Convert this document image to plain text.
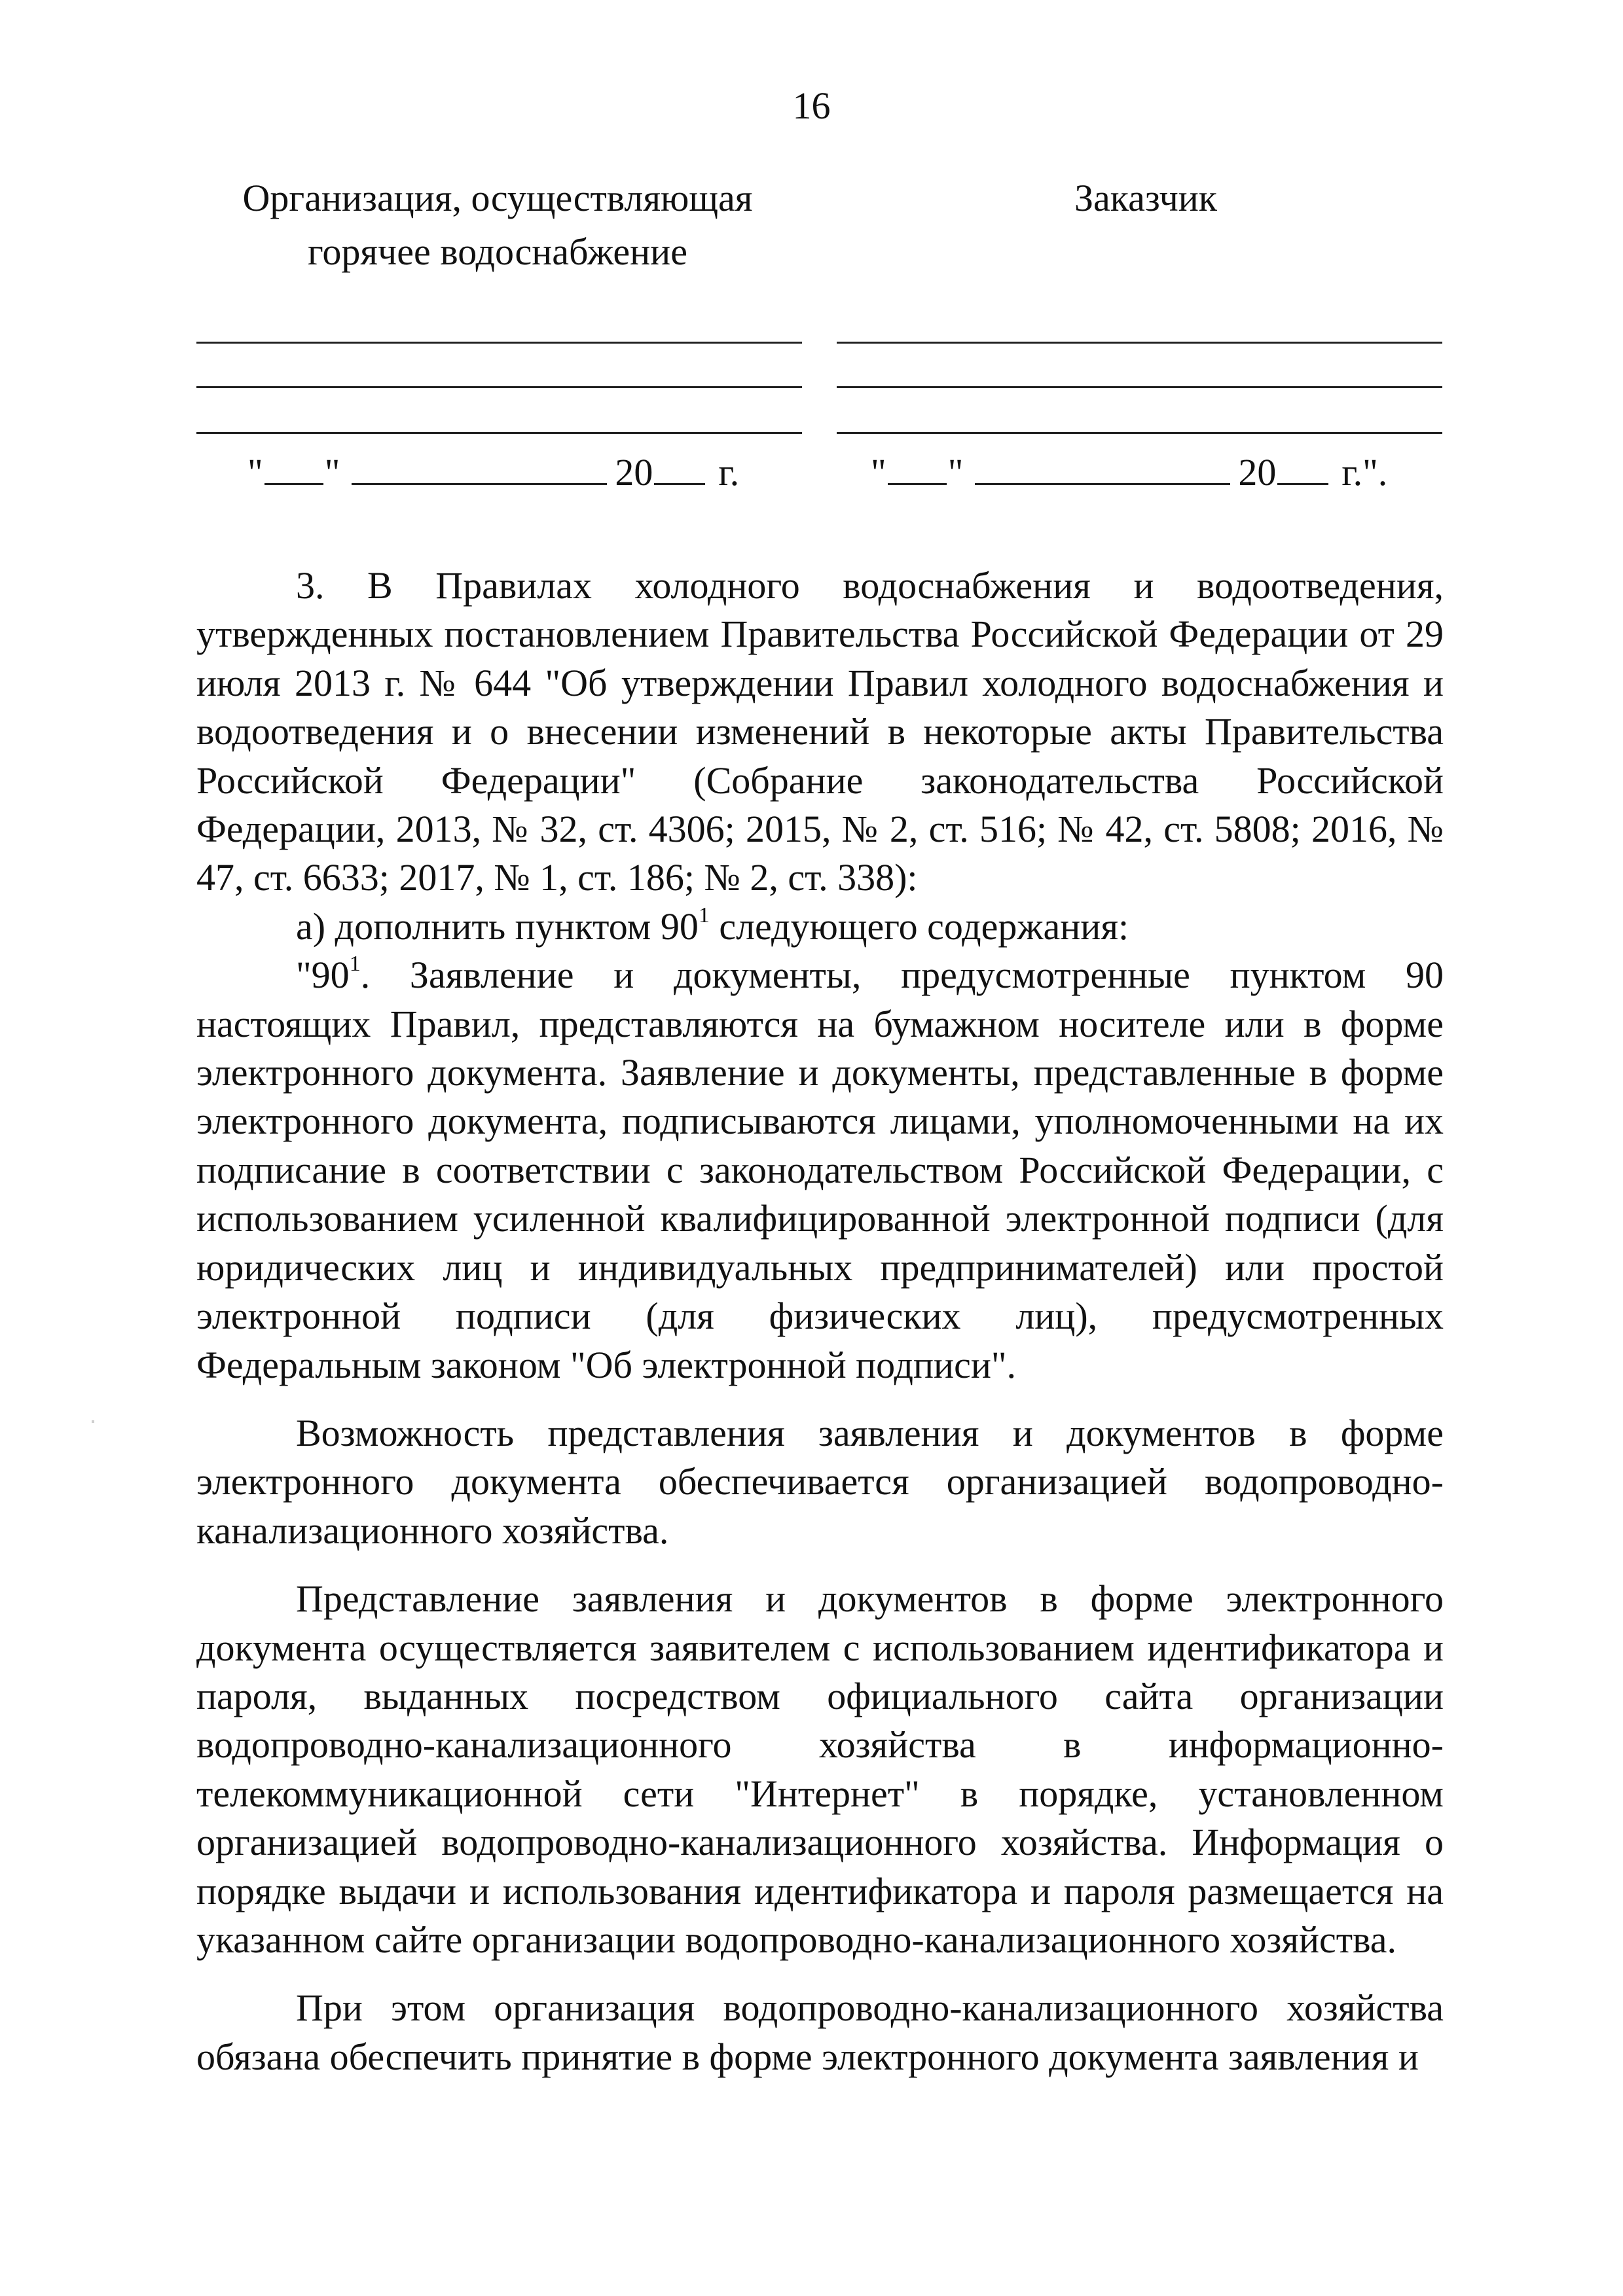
16
Организация, осуществляющая горячее водоснабжение
Заказчик
" "	20 г.	" "	20 г.".

3. В Правилах холодного водоснабжения и водоотведения, утвержденных постановлением Правительства Российской Федерации от 29 июля 2013 г. № 644 "Об утверждении Правил холодного водоснабжения и водоотведения и о внесении изменений в некоторые акты Правительства Российской Федерации" (Собрание законодательства Российской Федерации, 2013, № 32, ст. 4306; 2015, № 2, ст. 516; № 42, ст. 5808; 2016, № 47, ст. 6633; 2017, № 1, ст. 186; № 2, ст. 338):

а) дополнить пунктом $90^1$ следующего содержания:

"$90^1$. Заявление и документы, предусмотренные пунктом 90 настоящих Правил, представляются на бумажном носителе или в форме электронного документа. Заявление и документы, представленные в форме электронного документа, подписываются лицами, уполномоченными на их подписание в соответствии с законодательством Российской Федерации, с использованием усиленной квалифицированной электронной подписи (для юридических лиц и индивидуальных предпринимателей) или простой электронной подписи (для физических лиц), предусмотренных Федеральным законом "Об электронной подписи".

Возможность представления заявления и документов в форме электронного документа обеспечивается организацией водопроводно-канализационного хозяйства.

Представление заявления и документов в форме электронного документа осуществляется заявителем с использованием идентификатора и пароля, выданных посредством официального сайта организации водопроводно-канализационного хозяйства в информационно-телекоммуникационной сети "Интернет" в порядке, установленном организацией водопроводно-канализационного хозяйства. Информация о порядке выдачи и использования идентификатора и пароля размещается на указанном сайте организации водопроводно-канализационного хозяйства.

При этом организация водопроводно-канализационного хозяйства обязана обеспечить принятие в форме электронного документа заявления и
